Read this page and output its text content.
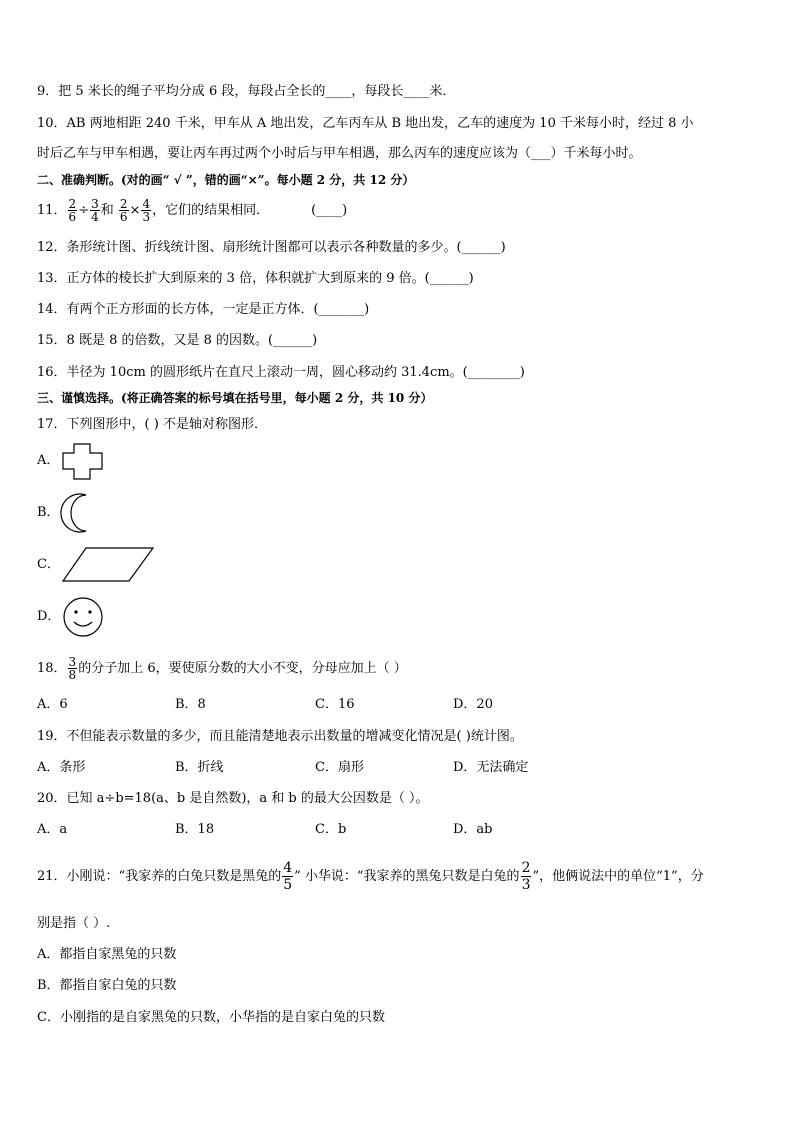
9．把 5 米长的绳子平均分成 6 段，每段占全长的____，每段长____米．
10．AB 两地相距 240 千米，甲车从 A 地出发，乙车丙车从 B 地出发，乙车的速度为 10 千米每小时，经过 8 小
时后乙车与甲车相遇，要让丙车再过两个小时后与甲车相遇，那么丙车的速度应该为（___）千米每小时。
二、准确判断。(对的画“ √ ”，错的画“×”。每小题 2 分，共 12 分）
11． $\frac{2}{6} \div \frac{3}{4}$ 和 $\frac{2}{6} \times \frac{4}{3}$ ，它们的结果相同．	(____)
12．条形统计图、折线统计图、扇形统计图都可以表示各种数量的多少。(______)
13．正方体的棱长扩大到原来的 3 倍，体积就扩大到原来的 9 倍。(______)
14．有两个正方形面的长方体，一定是正方体．(_______)
15．8 既是 8 的倍数，又是 8 的因数。(______)
16．半径为 10cm 的圆形纸片在直尺上滚动一周，圆心移动约 31.4cm。(________)
三、谨慎选择。(将正确答案的标号填在括号里，每小题 2 分，共 10 分）
17．下列图形中，( ) 不是轴对称图形．
A．
B．
C．
D．
18． $\frac{3}{8}$ 的分子加上 6，要使原分数的大小不变，分母应加上（ ）
A．6	B．8	C．16	D．20
19．不但能表示数量的多少，而且能清楚地表示出数量的增减变化情况是( )统计图。
A．条形	B．折线	C．扇形	D．无法确定
20．已知 a÷b=18(a、b 是自然数)，a 和 b 的最大公因数是（ ）。
A．a	B．18	C．b	D．ab
21．小刚说：“我家养的白兔只数是黑兔的 $\frac{4}{5}$ ” 小华说：“我家养的黑兔只数是白兔的 $\frac{2}{3}$ ”，他俩说法中的单位“1”，分
别是指（ ）.
A．都指自家黑兔的只数
B．都指自家白兔的只数
C．小刚指的是自家黑兔的只数，小华指的是自家白兔的只数
